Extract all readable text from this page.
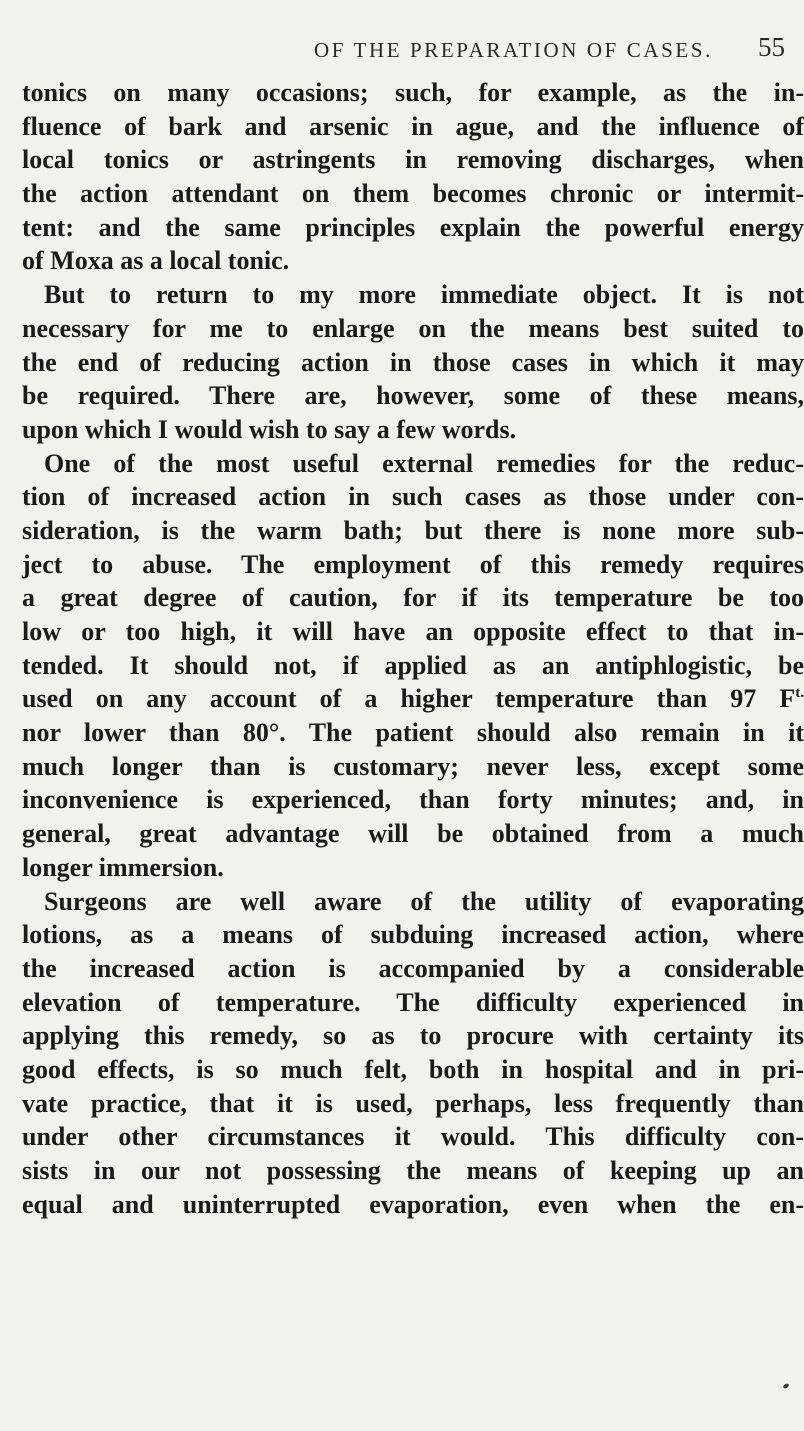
OF THE PREPARATION OF CASES. 55
tonics on many occasions; such, for example, as the in-
fluence of bark and arsenic in ague, and the influence of
local tonics or astringents in removing discharges, when
the action attendant on them becomes chronic or intermit-
tent: and the same principles explain the powerful energy
of Moxa as a local tonic.
But to return to my more immediate object. It is not
necessary for me to enlarge on the means best suited to
the end of reducing action in those cases in which it may
be required. There are, however, some of these means,
upon which I would wish to say a few words.
One of the most useful external remedies for the reduc-
tion of increased action in such cases as those under con-
sideration, is the warm bath; but there is none more sub-
ject to abuse. The employment of this remedy requires
a great degree of caution, for if its temperature be too
low or too high, it will have an opposite effect to that in-
tended. It should not, if applied as an antiphlogistic, be
used on any account of a higher temperature than 97 $F^{t.}$
nor lower than 80°. The patient should also remain in it
much longer than is customary; never less, except some
inconvenience is experienced, than forty minutes; and, in
general, great advantage will be obtained from a much
longer immersion.
Surgeons are well aware of the utility of evaporating
lotions, as a means of subduing increased action, where
the increased action is accompanied by a considerable
elevation of temperature. The difficulty experienced in
applying this remedy, so as to procure with certainty its
good effects, is so much felt, both in hospital and in pri-
vate practice, that it is used, perhaps, less frequently than
under other circumstances it would. This difficulty con-
sists in our not possessing the means of keeping up an
equal and uninterrupted evaporation, even when the en-
